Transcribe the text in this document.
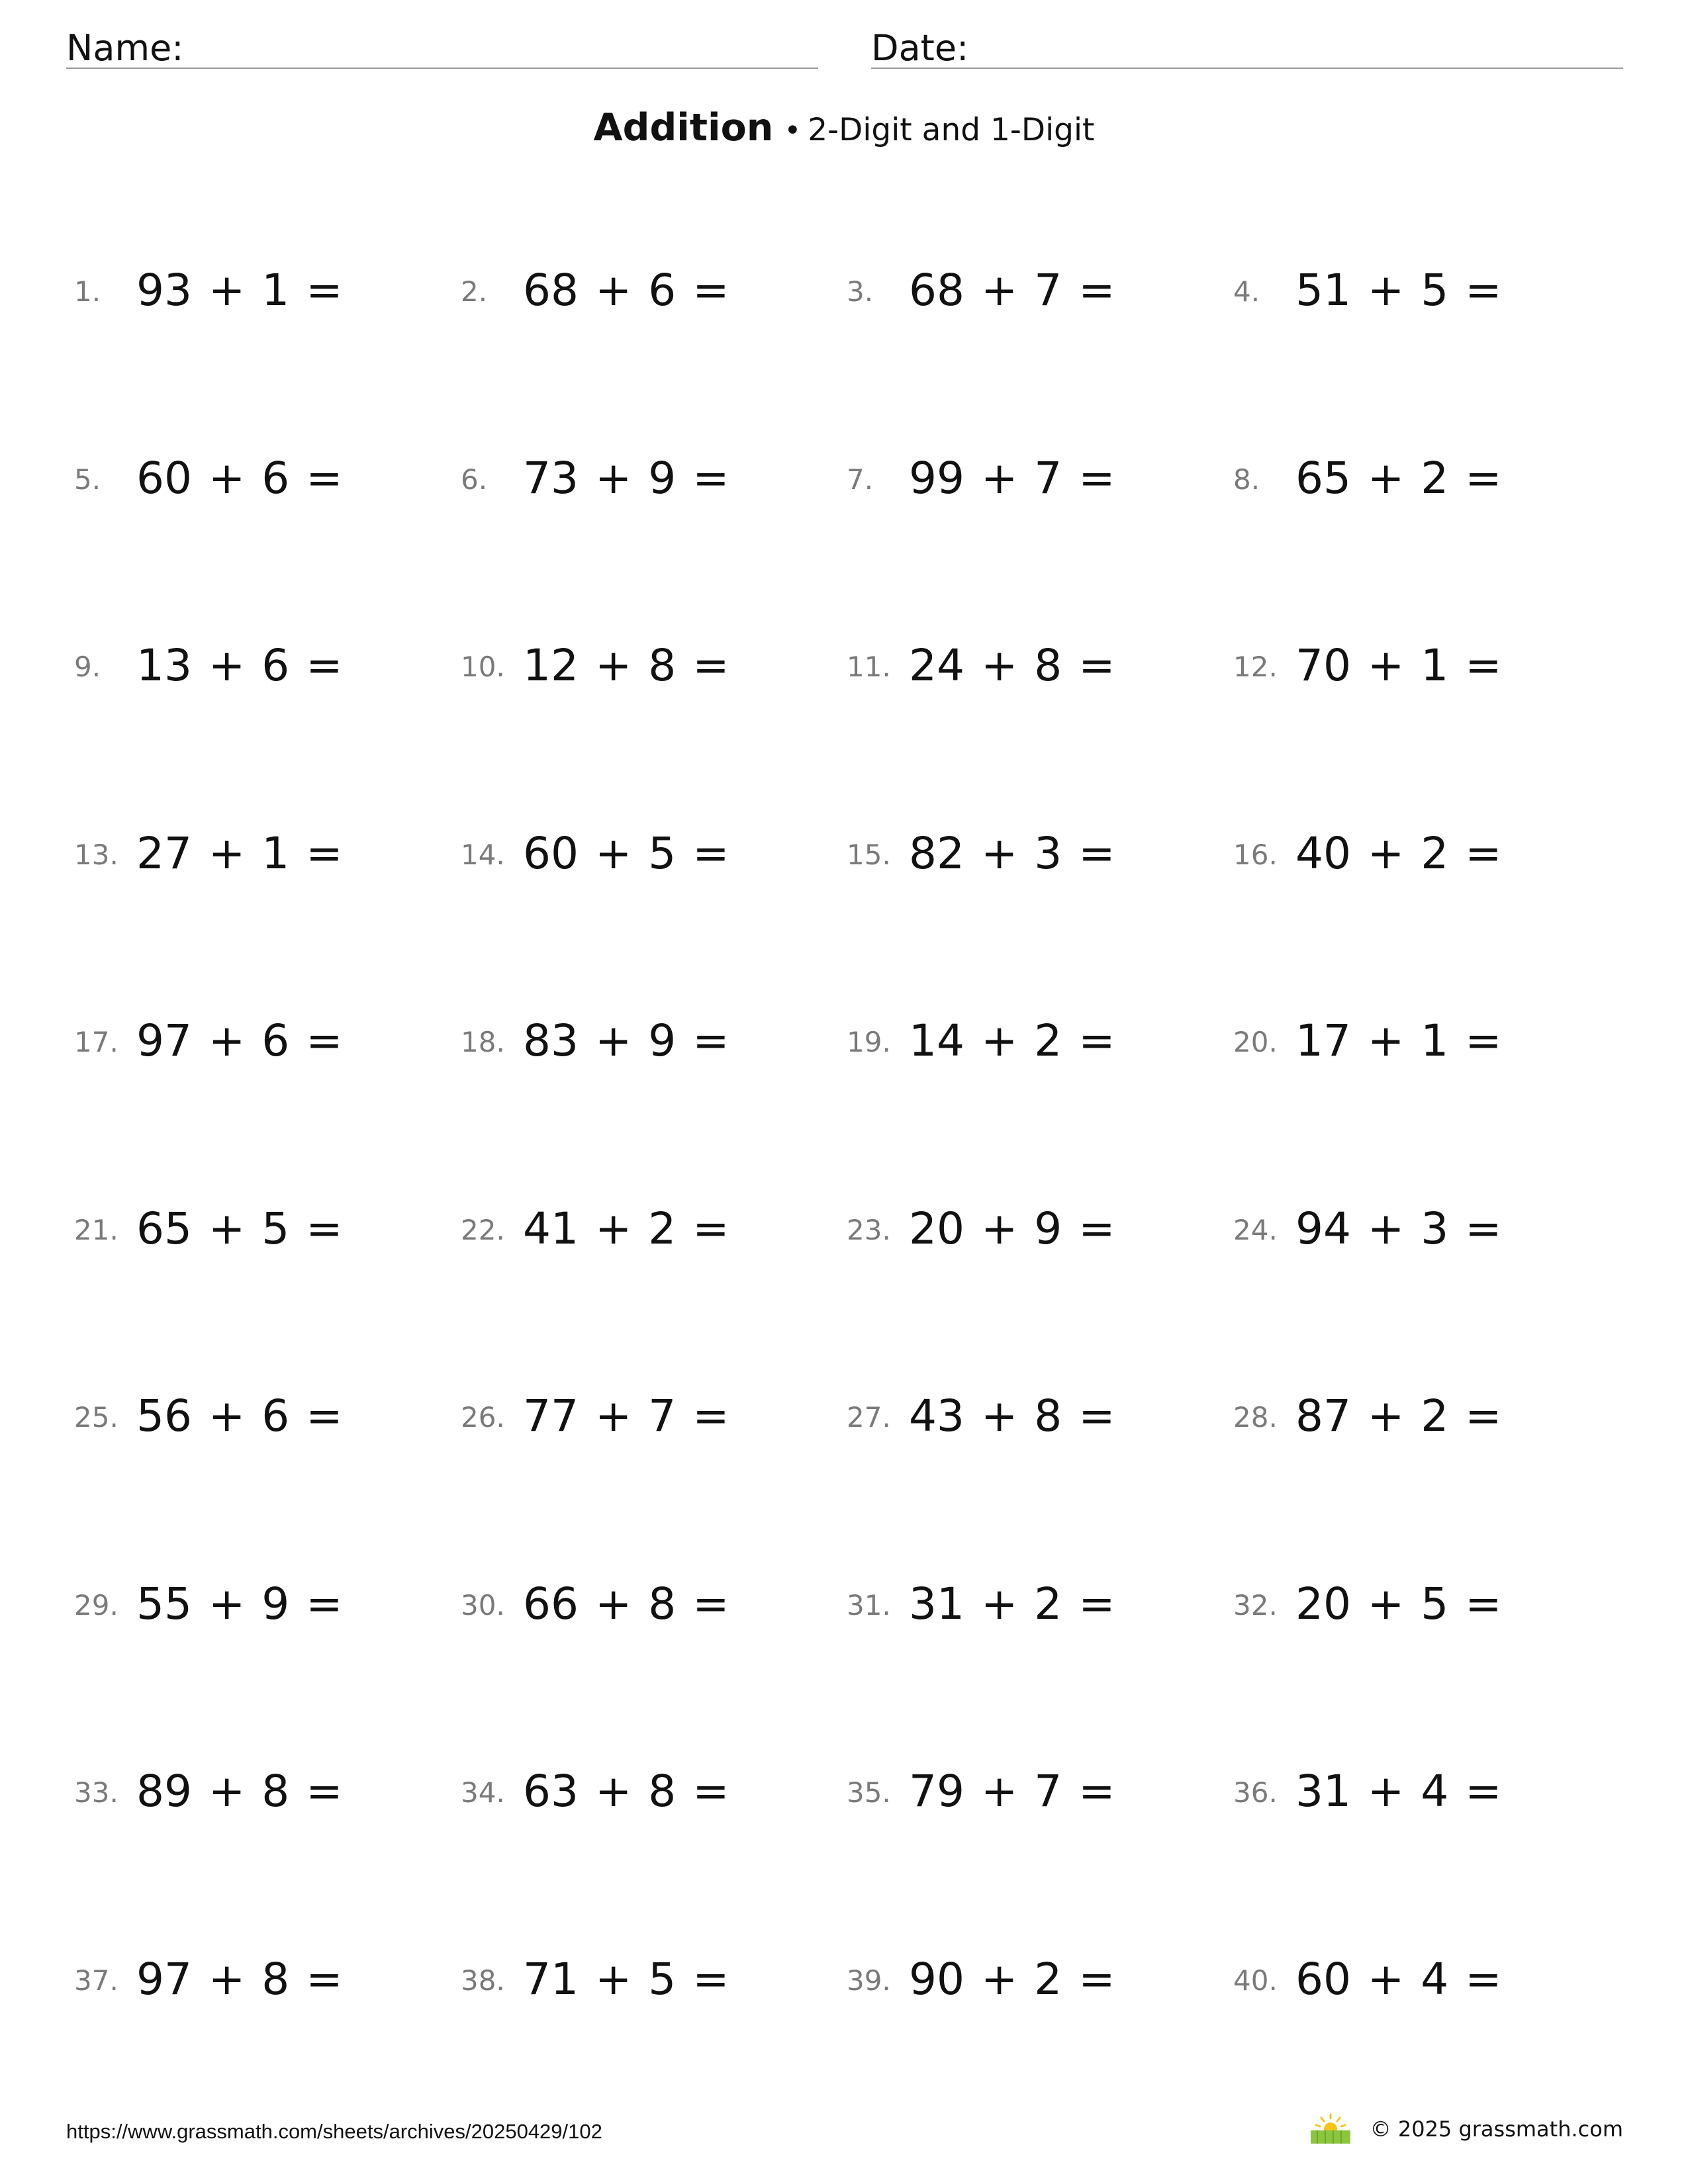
Name:	Date:
Addition • 2-Digit and 1-Digit
1. 93 + 1 =	2. 68 + 6 =	3. 68 + 7 =	4. 51 + 5 =
5. 60 + 6 =	6. 73 + 9 =	7. 99 + 7 =	8. 65 + 2 =
9. 13 + 6 =	10. 12 + 8 =	11. 24 + 8 =	12. 70 + 1 =
13. 27 + 1 =	14. 60 + 5 =	15. 82 + 3 =	16. 40 + 2 =
17. 97 + 6 =	18. 83 + 9 =	19. 14 + 2 =	20. 17 + 1 =
21. 65 + 5 =	22. 41 + 2 =	23. 20 + 9 =	24. 94 + 3 =
25. 56 + 6 =	26. 77 + 7 =	27. 43 + 8 =	28. 87 + 2 =
29. 55 + 9 =	30. 66 + 8 =	31. 31 + 2 =	32. 20 + 5 =
33. 89 + 8 =	34. 63 + 8 =	35. 79 + 7 =	36. 31 + 4 =
37. 97 + 8 =	38. 71 + 5 =	39. 90 + 2 =	40. 60 + 4 =
https://www.grassmath.com/sheets/archives/20250429/102	© 2025 grassmath.com
